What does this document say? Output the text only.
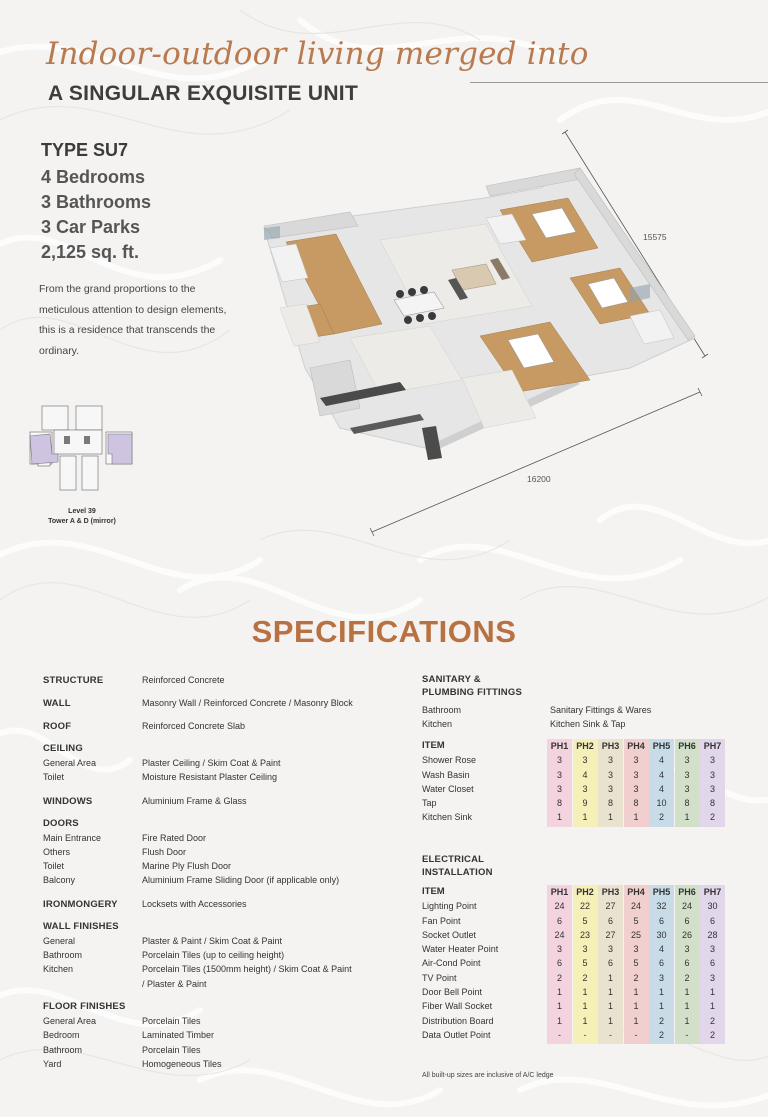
Indoor-outdoor living merged into
A SINGULAR EXQUISITE UNIT
TYPE SU7
4 Bedrooms
3 Bathrooms
3 Car Parks
2,125 sq. ft.
From the grand proportions to the meticulous attention to design elements, this is a residence that transcends the ordinary.
Level 39
Tower A & D (mirror)
15575
16200
SPECIFICATIONS
STRUCTURE	Reinforced Concrete
WALL	Masonry Wall / Reinforced Concrete / Masonry Block
ROOF	Reinforced Concrete Slab
CEILING
General Area	Plaster Ceiling / Skim Coat & Paint
Toilet	Moisture Resistant Plaster Ceiling
WINDOWS	Aluminium Frame & Glass
DOORS
Main Entrance	Fire Rated Door
Others	Flush Door
Toilet	Marine Ply Flush Door
Balcony	Aluminium Frame Sliding Door (if applicable only)
IRONMONGERY	Locksets with Accessories
WALL FINISHES
General	Plaster & Paint / Skim Coat & Paint
Bathroom	Porcelain Tiles (up to ceiling height)
Kitchen	Porcelain Tiles (1500mm height) / Skim Coat & Paint
/ Plaster & Paint
FLOOR FINISHES
General Area	Porcelain Tiles
Bedroom	Laminated Timber
Bathroom	Porcelain Tiles
Yard	Homogeneous Tiles
SANITARY &
PLUMBING FITTINGS
Bathroom	Sanitary Fittings & Wares
Kitchen	Kitchen Sink & Tap
ITEM	PH1 PH2 PH3 PH4 PH5 PH6 PH7
Shower Rose	3	3	3	3	4	3	3
Wash Basin	3	4	3	3	4	3	3
Water Closet	3	3	3	3	4	3	3
Tap	8	9	8	8	10	8	8
Kitchen Sink	1	1	1	1	2	1	2
ELECTRICAL
INSTALLATION
ITEM	PH1 PH2 PH3 PH4 PH5 PH6 PH7
Lighting Point	24	22	27	24	32	24	30
Fan Point	6	5	6	5	6	6	6
Socket Outlet	24	23	27	25	30	26	28
Water Heater Point	3	3	3	3	4	3	3
Air-Cond Point	6	5	6	5	6	6	6
TV Point	2	2	1	2	3	2	3
Door Bell Point	1	1	1	1	1	1	1
Fiber Wall Socket	1	1	1	1	1	1	1
Distribution Board	1	1	1	1	2	1	2
Data Outlet Point	-	-	-	-	2	-	2
All built-up sizes are inclusive of A/C ledge
